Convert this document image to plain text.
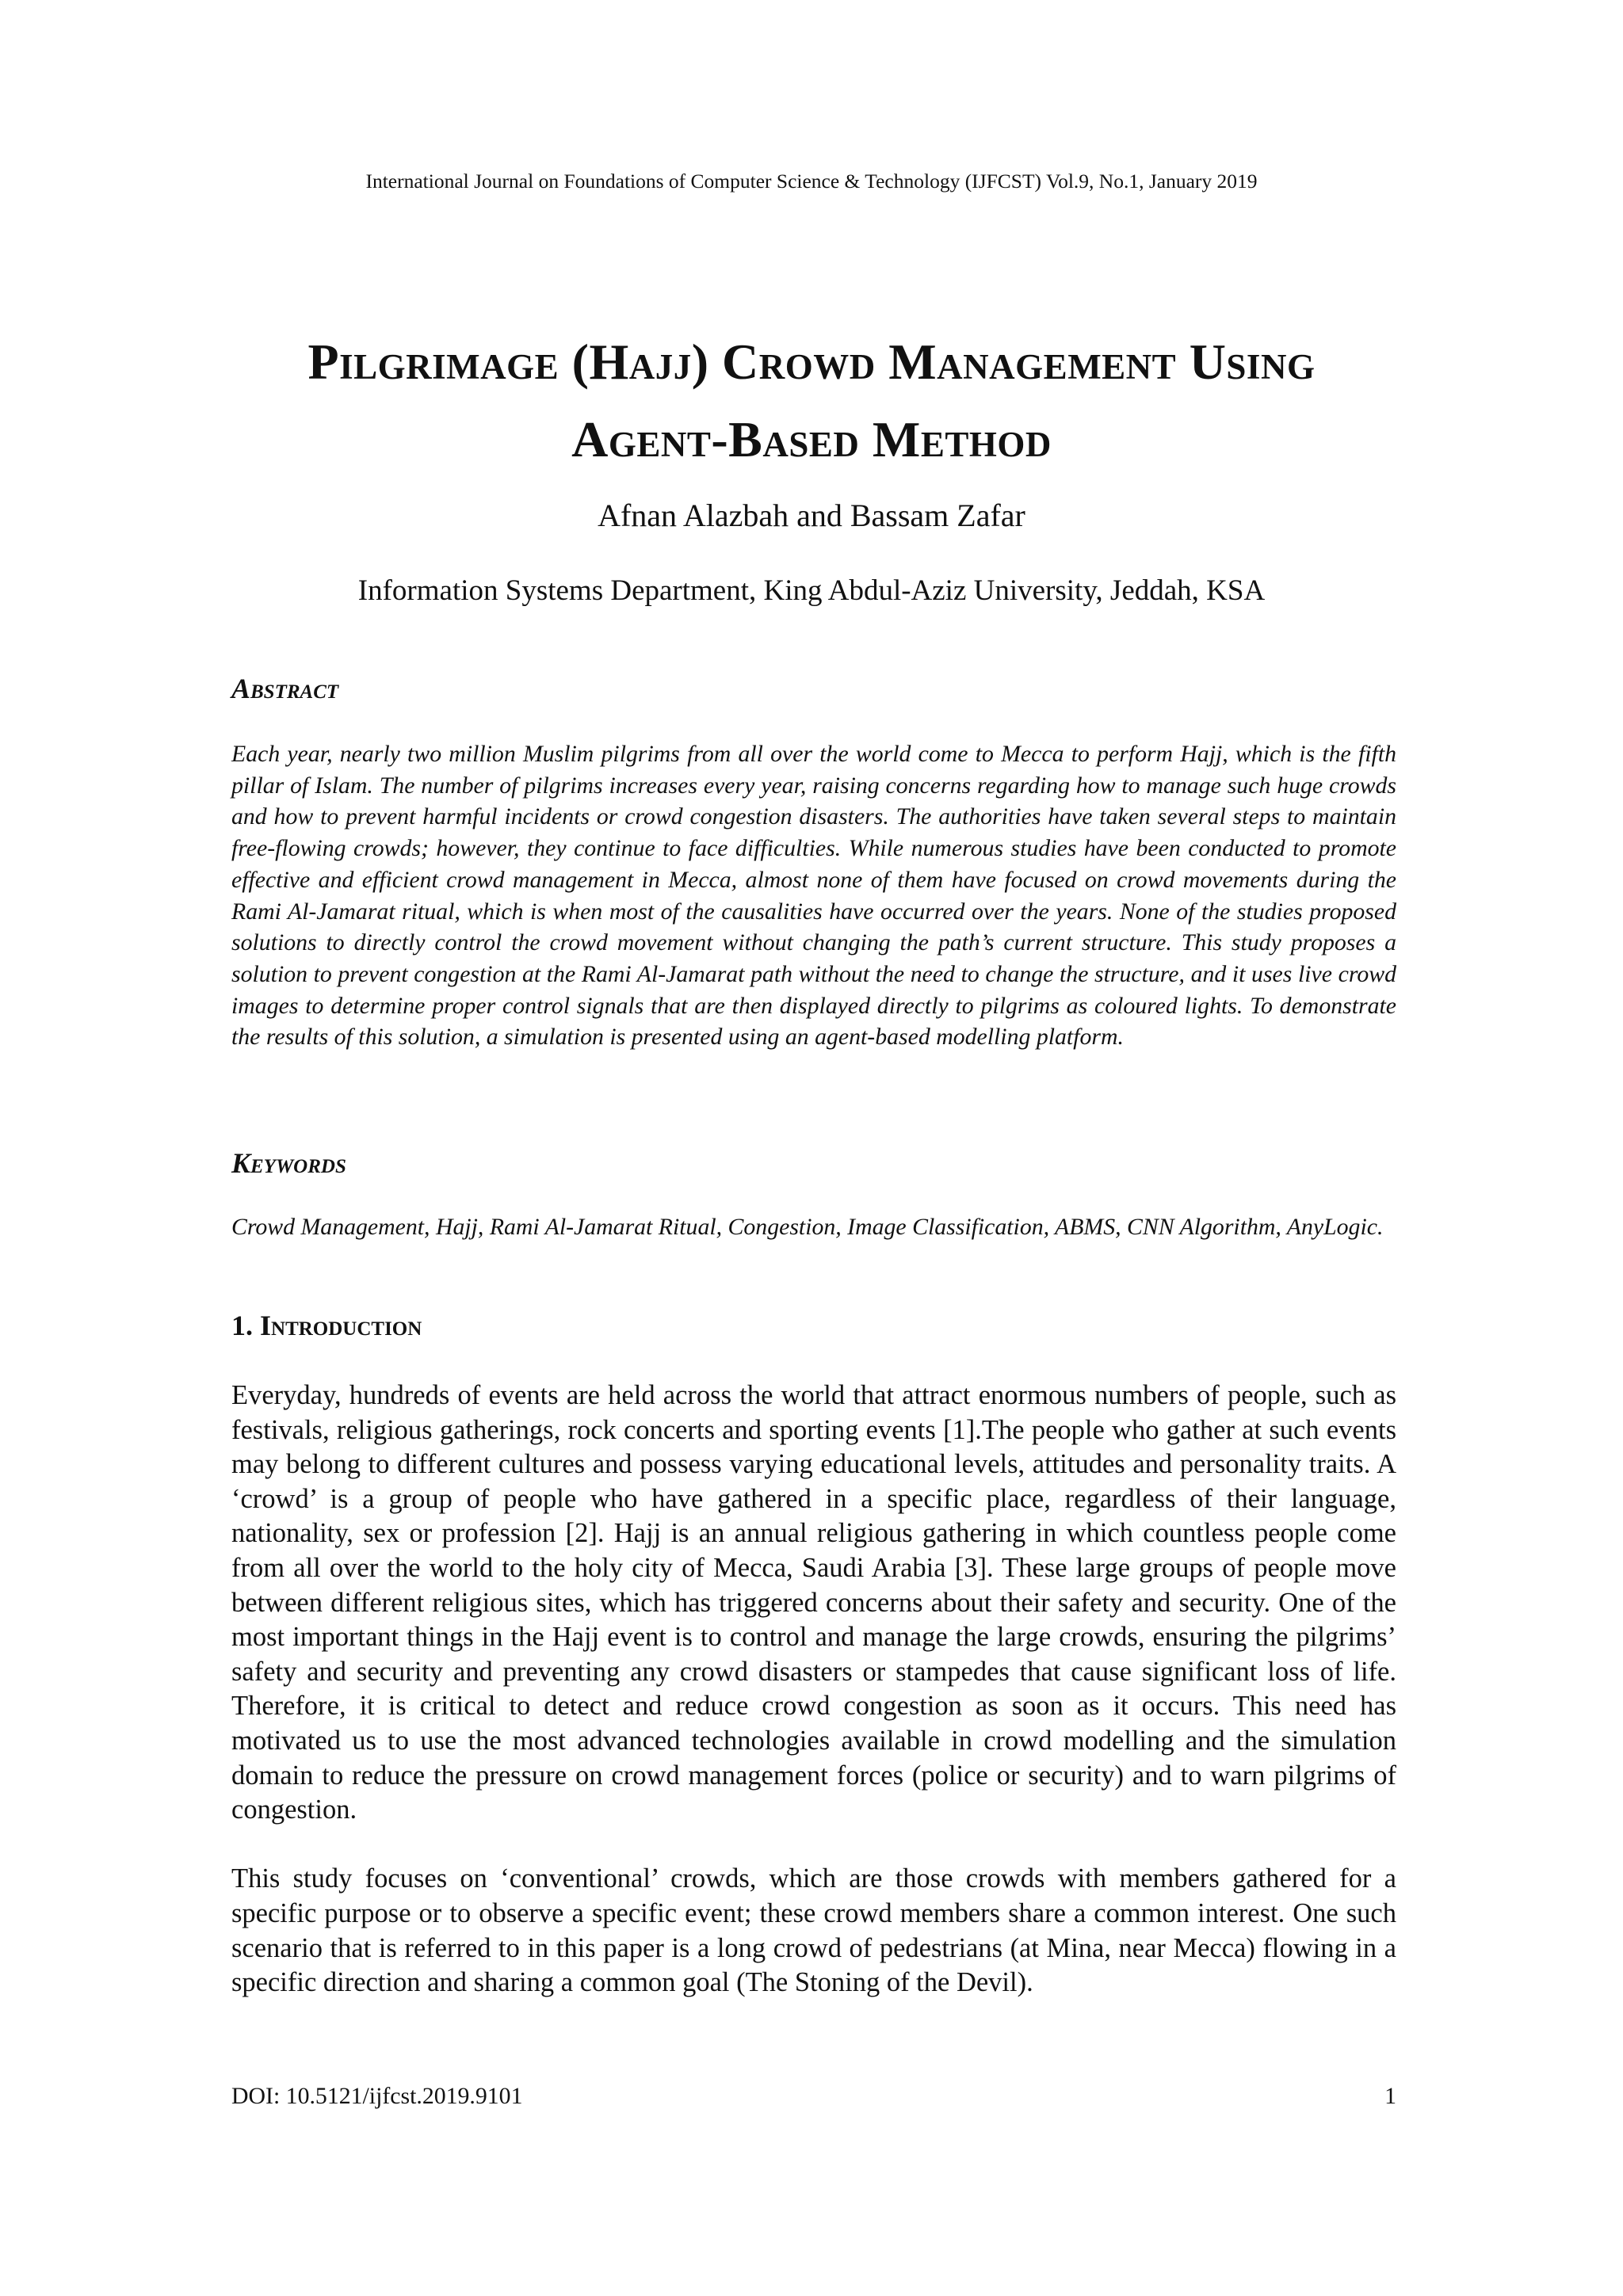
International Journal on Foundations of Computer Science & Technology (IJFCST) Vol.9, No.1, January 2019
Pilgrimage (Hajj) Crowd Management Using
Agent-Based Method
Afnan Alazbah and Bassam Zafar
Information Systems Department, King Abdul-Aziz University, Jeddah, KSA
Abstract
Each year, nearly two million Muslim pilgrims from all over the world come to Mecca to perform Hajj, which is the fifth pillar of Islam. The number of pilgrims increases every year, raising concerns regarding how to manage such huge crowds and how to prevent harmful incidents or crowd congestion disasters. The authorities have taken several steps to maintain free-flowing crowds; however, they continue to face difficulties. While numerous studies have been conducted to promote effective and efficient crowd management in Mecca, almost none of them have focused on crowd movements during the Rami Al-Jamarat ritual, which is when most of the causalities have occurred over the years. None of the studies proposed solutions to directly control the crowd movement without changing the path’s current structure. This study proposes a solution to prevent congestion at the Rami Al-Jamarat path without the need to change the structure, and it uses live crowd images to determine proper control signals that are then displayed directly to pilgrims as coloured lights. To demonstrate the results of this solution, a simulation is presented using an agent-based modelling platform.
Keywords
Crowd Management, Hajj, Rami Al-Jamarat Ritual, Congestion, Image Classification, ABMS, CNN Algorithm, AnyLogic.
1. Introduction

Everyday, hundreds of events are held across the world that attract enormous numbers of people, such as festivals, religious gatherings, rock concerts and sporting events [1].The people who gather at such events may belong to different cultures and possess varying educational levels, attitudes and personality traits. A ‘crowd’ is a group of people who have gathered in a specific place, regardless of their language, nationality, sex or profession [2]. Hajj is an annual religious gathering in which countless people come from all over the world to the holy city of Mecca, Saudi Arabia [3]. These large groups of people move between different religious sites, which has triggered concerns about their safety and security. One of the most important things in the Hajj event is to control and manage the large crowds, ensuring the pilgrims’ safety and security and preventing any crowd disasters or stampedes that cause significant loss of life. Therefore, it is critical to detect and reduce crowd congestion as soon as it occurs. This need has motivated us to use the most advanced technologies available in crowd modelling and the simulation domain to reduce the pressure on crowd management forces (police or security) and to warn pilgrims of congestion.

This study focuses on ‘conventional’ crowds, which are those crowds with members gathered for a specific purpose or to observe a specific event; these crowd members share a common interest. One such scenario that is referred to in this paper is a long crowd of pedestrians (at Mina, near Mecca) flowing in a specific direction and sharing a common goal (The Stoning of the Devil).

DOI: 10.5121/ijfcst.2019.9101	1
